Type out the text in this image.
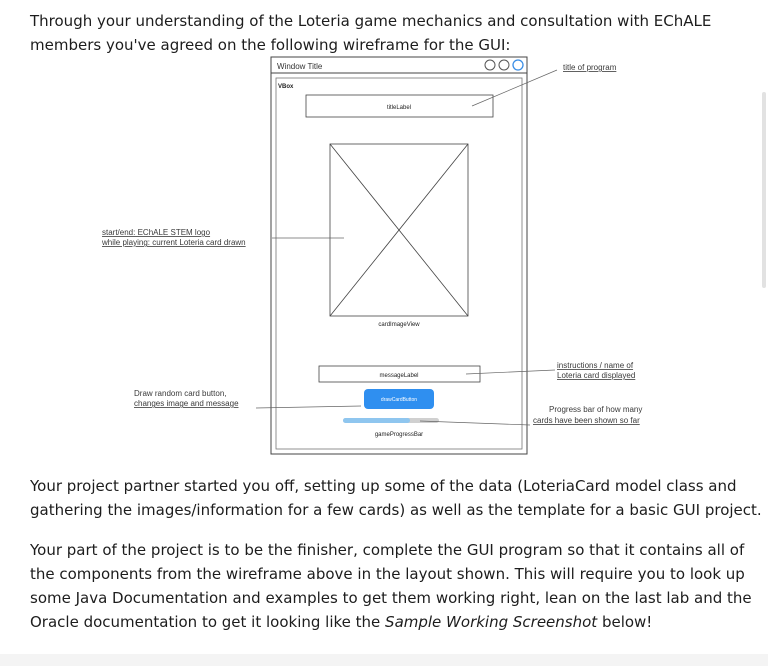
Through your understanding of the Loteria game mechanics and consultation with EChALE members you've agreed on the following wireframe for the GUI:

Window Title
VBox
titleLabel
cardImageView
messageLabel
drawCardButton
gameProgressBar
title of program
start/end: EChALE STEM logo
while playing: current Loteria card drawn
instructions / name of
Loteria card displayed
Draw random card button,
changes image and message
Progress bar of how many
cards have been shown so far

Your project partner started you off, setting up some of the data (LoteriaCard model class and
gathering the images/information for a few cards) as well as the template for a basic GUI project.

Your part of the project is to be the finisher, complete the GUI program so that it contains all of
the components from the wireframe above in the layout shown. This will require you to look up
some Java Documentation and examples to get them working right, lean on the last lab and the
Oracle documentation to get it looking like the Sample Working Screenshot below!
